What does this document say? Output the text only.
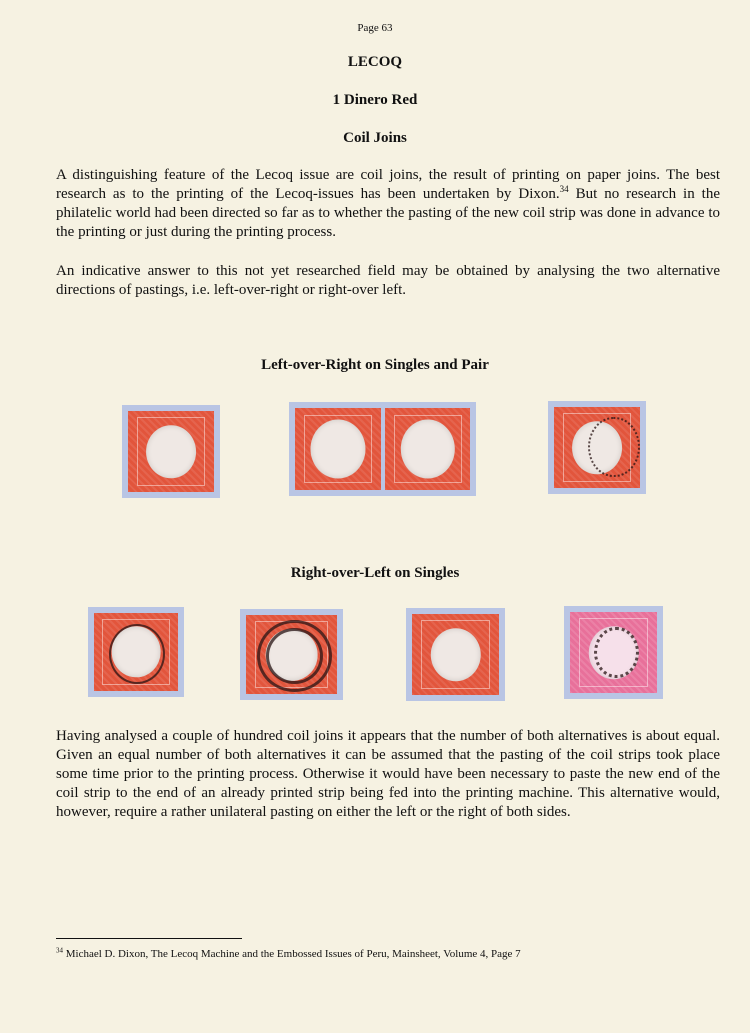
Page 63
LECOQ
1 Dinero Red
Coil Joins

A distinguishing feature of the Lecoq issue are coil joins, the result of printing on paper joins. The best research as to the printing of the Lecoq-issues has been undertaken by Dixon.$^{34}$ But no research in the philatelic world had been directed so far as to whether the pasting of the new coil strip was done in advance to the printing or just during the printing process.

An indicative answer to this not yet researched field may be obtained by analysing the two alternative directions of pastings, i.e. left-over-right or right-over left.

Left-over-Right on Singles and Pair
Right-over-Left on Singles

Having analysed a couple of hundred coil joins it appears that the number of both alternatives is about equal. Given an equal number of both alternatives it can be assumed that the pasting of the coil strips took place some time prior to the printing process. Otherwise it would have been necessary to paste the new end of the coil strip to the end of an already printed strip being fed into the printing machine. This alternative would, however, require a rather unilateral pasting on either the left or the right of both sides.

$^{34}$ Michael D. Dixon, The Lecoq Machine and the Embossed Issues of Peru, Mainsheet, Volume 4, Page 7
